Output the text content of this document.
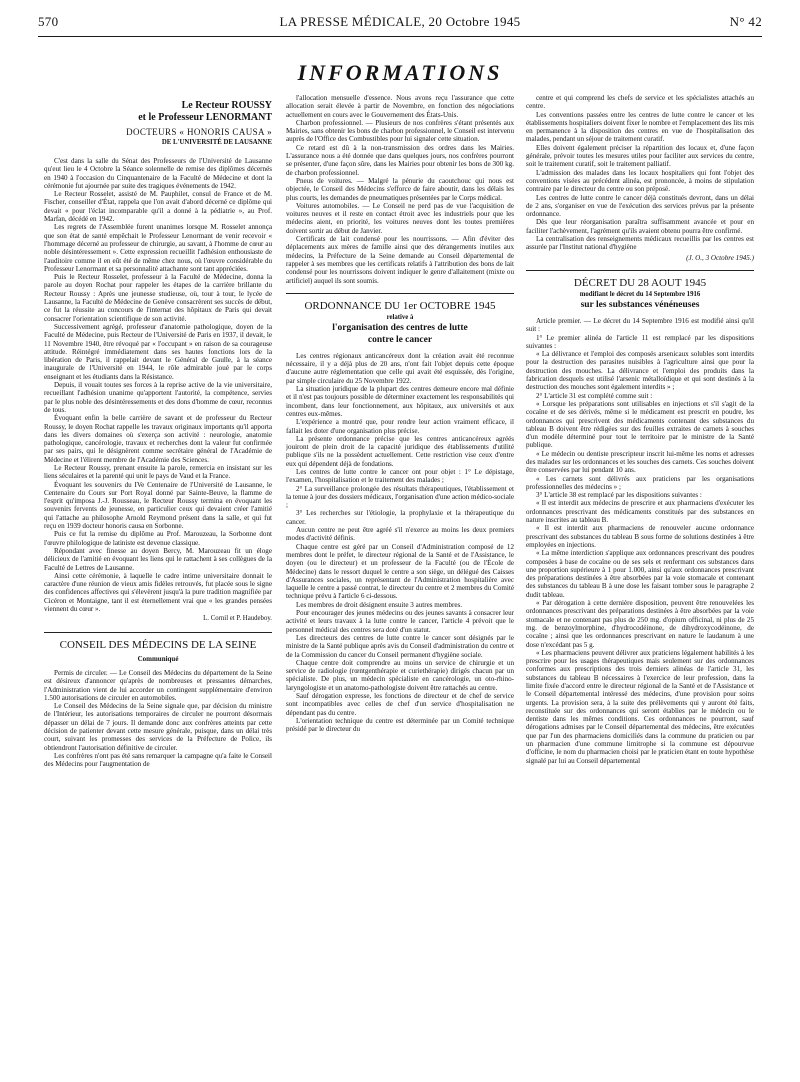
570	LA PRESSE MÉDICALE, 20 Octobre 1945	N° 42
INFORMATIONS
Le Recteur ROUSSY
et le Professeur LENORMANT
DOCTEURS « HONORIS CAUSA »
DE L'UNIVERSITÉ DE LAUSANNE

C'est dans la salle du Sénat des Professeurs de l'Université de Lausanne qu'eut lieu le 4 Octobre la Séance solennelle de remise des diplômes décernés en 1940 à l'occasion du Cinquantenaire de la Faculté de Médecine et dont la cérémonie fut ajournée par suite des tragiques événements de 1942.

Le Recteur Rosselet, assisté de M. Pauphilet, consul de France et de M. Fischer, conseiller d'État, rappela que l'on avait d'abord décerné ce diplôme qui devait « pour l'éclat incomparable qu'il a donné à la pédiatrie », au Prof. Marfan, décédé en 1942.

Les regrets de l'Assemblée furent unanimes lorsque M. Rosselet annonça que son état de santé empêchait le Professeur Lenormant de venir recevoir « l'hommage décerné au professeur de chirurgie, au savant, à l'homme de cœur au noble désintéressement ». Cette expression recueillit l'adhésion enthousiaste de l'auditoire comme il en eût été de même chez nous, où l'œuvre considérable du Professeur Lenormant et sa personnalité attachante sont tant appréciées.

Puis le Recteur Rosselet, professeur à la Faculté de Médecine, donna la parole au doyen Rochat pour rappeler les étapes de la carrière brillante du Recteur Roussy : Après une jeunesse studieuse, où, tour à tour, le lycée de Lausanne, la Faculté de Médecine de Genève consacrèrent ses succès de début, ce fut la réussite au concours de l'internat des hôpitaux de Paris qui devait consacrer l'orientation scientifique de son activité.

Successivement agrégé, professeur d'anatomie pathologique, doyen de la Faculté de Médecine, puis Recteur de l'Université de Paris en 1937, il devait, le 11 Novembre 1940, être révoqué par « l'occupant » en raison de sa courageuse attitude. Réintégré immédiatement dans ses hautes fonctions lors de la libération de Paris, il rappelait devant le Général de Gaulle, à la séance inaugurale de l'Université en 1944, le rôle admirable joué par le corps enseignant et les étudiants dans la Résistance.

Depuis, il vouait toutes ses forces à la reprise active de la vie universitaire, recueillant l'adhésion unanime qu'apportent l'autorité, la compétence, servies par le plus noble des désintéressements et des dons d'homme de cœur, reconnus de tous.

Évoquant enfin la belle carrière de savant et de professeur du Recteur Roussy, le doyen Rochat rappelle les travaux originaux importants qu'il apporta dans les divers domaines où s'exerça son activité : neurologie, anatomie pathologique, cancérologie, travaux et recherches dont la valeur fut confirmée par ses pairs, qui le désignèrent comme secrétaire général de l'Académie de Médecine et l'élirent membre de l'Académie des Sciences.

Le Recteur Roussy, prenant ensuite la parole, remercia en insistant sur les liens séculaires et la parenté qui unit le pays de Vaud et la France.

Évoquant les souvenirs du IVe Centenaire de l'Université de Lausanne, le Centenaire du Cours sur Port Royal donné par Sainte-Beuve, la flamme de l'esprit qu'imposa J.-J. Rousseau, le Recteur Roussy termina en évoquant les souvenirs fervents de jeunesse, en particulier ceux qui devaient créer l'amitié qui l'attache au philosophe Arnold Reymond présent dans la salle, et qui fut reçu en 1939 docteur honoris causa en Sorbonne.

Puis ce fut la remise du diplôme au Prof. Marouzeau, la Sorbonne dont l'œuvre philologique de latiniste est devenue classique.

Répondant avec finesse au doyen Bercy, M. Marouzeau fit un éloge délicieux de l'amitié en évoquant les liens qui le rattachent à ses collègues de la Faculté de Lettres de Lausanne.

Ainsi cette cérémonie, à laquelle le cadre intime universitaire donnait le caractère d'une réunion de vieux amis fidèles retrouvés, fut placée sous le signe des confidences affectives qui s'élevèrent jusqu'à la pure tradition magnifiée par Cicéron et Montaigne, tant il est éternellement vrai que « les grandes pensées viennent du cœur ».

L. Cornil et P. Haudeboy.
CONSEIL DES MÉDECINS DE LA SEINE
Communiqué

Permis de circuler. — Le Conseil des Médecins du département de la Seine est désireux d'annoncer qu'après de nombreuses et pressantes démarches, l'Administration vient de lui accorder un contingent supplémentaire d'environ 1.500 autorisations de circuler en automobiles.

Le Conseil des Médecins de la Seine signale que, par décision du ministre de l'Intérieur, les autorisations temporaires de circuler ne pourront désormais dépasser un délai de 7 jours. Il demande donc aux confrères atteints par cette décision de patienter devant cette mesure générale, puisque, dans un délai très court, suivant les promesses des services de la Préfecture de Police, ils obtiendront l'autorisation définitive de circuler.

Les confrères n'ont pas été sans remarquer la campagne qu'a faite le Conseil des Médecins pour l'augmentation de

l'allocation mensuelle d'essence. Nous avons reçu l'assurance que cette allocation serait élevée à partir de Novembre, en fonction des négociations actuellement en cours avec le Gouvernement des États-Unis.

Charbon professionnel. — Plusieurs de nos confrères s'étant présentés aux Mairies, sans obtenir les bons de charbon professionnel, le Conseil est intervenu auprès de l'Office des Combustibles pour lui signaler cette situation.

Ce retard est dû à la non-transmission des ordres dans les Mairies. L'assurance nous a été donnée que dans quelques jours, nos confrères pourront se présenter, d'une façon sûre, dans les Mairies pour obtenir les bons de 300 kg. de charbon professionnel.

Pneus de voitures. — Malgré la pénurie du caoutchouc qui nous est objectée, le Conseil des Médecins s'efforce de faire aboutir, dans les délais les plus courts, les demandes de pneumatiques présentées par le Corps médical.

Voitures automobiles. — Le Conseil ne perd pas de vue l'acquisition de voitures neuves et il reste en contact étroit avec les industriels pour que les médecins aient, en priorité, les voitures neuves dont les toutes premières doivent sortir au début de Janvier.

Certificats de lait condensé pour les nourrissons. — Afin d'éviter des déplacements aux mères de famille ainsi que des dérangements inutiles aux médecins, la Préfecture de la Seine demande au Conseil départemental de rappeler à ses membres que les certificats relatifs à l'attribution des bons de lait condensé pour les nourrissons doivent indiquer le genre d'allaitement (mixte ou artificiel) auquel ils sont soumis.

ORDONNANCE DU 1er OCTOBRE 1945
relative à
l'organisation des centres de lutte
contre le cancer

Les centres régionaux anticancéreux dont la création avait été reconnue nécessaire, il y a déjà plus de 20 ans, n'ont fait l'objet depuis cette époque d'aucune autre réglementation que celle qui avait été esquissée, dès l'origine, par simple circulaire du 25 Novembre 1922.

La situation juridique de la plupart des centres demeure encore mal définie et il n'est pas toujours possible de déterminer exactement les responsabilités qui incombent, dans leur fonctionnement, aux hôpitaux, aux universités et aux centres eux-mêmes.

L'expérience a montré que, pour rendre leur action vraiment efficace, il fallait les doter d'une organisation plus précise.

La présente ordonnance précise que les centres anticancéreux agréés jouiront de plein droit de la capacité juridique des établissements d'utilité publique s'ils ne la possèdent actuellement. Cette restriction vise ceux d'entre eux qui dépendent déjà de fondations.

Les centres de lutte contre le cancer ont pour objet : 1° Le dépistage, l'examen, l'hospitalisation et le traitement des malades ;

2° La surveillance prolongée des résultats thérapeutiques, l'établissement et la tenue à jour des dossiers médicaux, l'organisation d'une action médico-sociale ;

3° Les recherches sur l'étiologie, la prophylaxie et la thérapeutique du cancer.

Aucun centre ne peut être agréé s'il n'exerce au moins les deux premiers modes d'activité définis.

Chaque centre est géré par un Conseil d'Administration composé de 12 membres dont le préfet, le directeur régional de la Santé et de l'Assistance, le doyen (ou le directeur) et un professeur de la Faculté (ou de l'École de Médecine) dans le ressort duquel le centre a son siège, un délégué des Caisses d'Assurances sociales, un représentant de l'Administration hospitalière avec laquelle le centre a passé contrat, le directeur du centre et 2 membres du Comité technique prévu à l'article 6 ci-dessous.

Les membres de droit désignent ensuite 3 autres membres.

Pour encourager des jeunes médecins ou des jeunes savants à consacrer leur activité et leurs travaux à la lutte contre le cancer, l'article 4 prévoit que le personnel médical des centres sera doté d'un statut.

Les directeurs des centres de lutte contre le cancer sont désignés par le ministre de la Santé publique après avis du Conseil d'administration du centre et de la Commission du cancer du Conseil permanent d'hygiène sociale.

Chaque centre doit comprendre au moins un service de chirurgie et un service de radiologie (rœntgenthérapie et curiethérapie) dirigés chacun par un spécialiste. De plus, un médecin spécialiste en cancérologie, un oto-rhino-laryngologiste et un anatomo-pathologiste doivent être rattachés au centre.

Sauf dérogation expresse, les fonctions de directeur et de chef de service sont incompatibles avec celles de chef d'un service d'hospitalisation ne dépendant pas du centre.

L'orientation technique du centre est déterminée par un Comité technique présidé par le directeur du

centre et qui comprend les chefs de service et les spécialistes attachés au centre.

Les conventions passées entre les centres de lutte contre le cancer et les établissements hospitaliers doivent fixer le nombre et l'emplacement des lits mis en permanence à la disposition des centres en vue de l'hospitalisation des malades, pendant un séjour de traitement curatif.

Elles doivent également préciser la répartition des locaux et, d'une façon générale, prévoir toutes les mesures utiles pour faciliter aux services du centre, soit le traitement curatif, soit le traitement palliatif.

L'admission des malades dans les locaux hospitaliers qui font l'objet des conventions visées au précédent alinéa, est prononcée, à moins de stipulation contraire par le directeur du centre ou son préposé.

Les centres de lutte contre le cancer déjà constitués devront, dans un délai de 2 ans, s'organiser en vue de l'exécution des services prévus par la présente ordonnance.

Dès que leur réorganisation paraîtra suffisamment avancée et pour en faciliter l'achèvement, l'agrément qu'ils avaient obtenu pourra être confirmé.

La centralisation des renseignements médicaux recueillis par les centres est assurée par l'Institut national d'hygiène

(J. O., 3 Octobre 1945.)
DÉCRET DU 28 AOUT 1945
modifiant le décret du 14 Septembre 1916
sur les substances vénéneuses

Article premier. — Le décret du 14 Septembre 1916 est modifié ainsi qu'il suit :

1° Le premier alinéa de l'article 11 est remplacé par les dispositions suivantes :

« La délivrance et l'emploi des composés arsenicaux solubles sont interdits pour la destruction des parasites nuisibles à l'agriculture ainsi que pour la destruction des mouches. La délivrance et l'emploi des produits dans la fabrication desquels est utilisé l'arsenic métalloïdique et qui sont destinés à la destruction des mouches sont également interdits » ;

2° L'article 31 est complété comme suit :

« Lorsque les préparations sont utilisables en injections et s'il s'agit de la cocaïne et de ses dérivés, même si le médicament est prescrit en poudre, les ordonnances qui prescrivent des médicaments contenant des substances du tableau B doivent être rédigées sur des feuilles extraites de carnets à souches d'un modèle déterminé pour tout le territoire par le ministre de la Santé publique.

« Le médecin ou dentiste prescripteur inscrit lui-même les noms et adresses des malades sur les ordonnances et les souches des carnets. Ces souches doivent être conservées par lui pendant 10 ans.

« Les carnets sont délivrés aux praticiens par les organisations professionnelles des médecins » ;

3° L'article 38 est remplacé par les dispositions suivantes :

« Il est interdit aux médecins de prescrire et aux pharmaciens d'exécuter les ordonnances prescrivant des médicaments constitués par des substances en nature inscrites au tableau B.

« Il est interdit aux pharmaciens de renouveler aucune ordonnance prescrivant des substances du tableau B sous forme de solutions destinées à être employées en injections.

« La même interdiction s'applique aux ordonnances prescrivant des poudres composées à base de cocaïne ou de ses sels et renfermant ces substances dans une proportion supérieure à 1 pour 1.000, ainsi qu'aux ordonnances prescrivant des préparations destinées à être absorbées par la voie stomacale et contenant des substances du tableau B à une dose les faisant tomber sous le paragraphe 2 dudit tableau.

« Par dérogation à cette dernière disposition, peuvent être renouvelées les ordonnances prescrivant des préparations destinées à être absorbées par la voie stomacale et ne contenant pas plus de 250 mg. d'opium officinal, ni plus de 25 mg. de benzoylmorphine, d'hydrocodéinone, de dihydroxycodéinone, de cocaïne ; ainsi que les ordonnances prescrivant en nature le laudanum à une dose n'excédant pas 5 g.

« Les pharmaciens peuvent délivrer aux praticiens légalement habilités à les prescrire pour les usages thérapeutiques mais seulement sur des ordonnances conformes aux prescriptions des trois derniers alinéas de l'article 31, les substances du tableau B nécessaires à l'exercice de leur profession, dans la limite fixée d'accord entre le directeur régional de la Santé et de l'Assistance et le Conseil départemental intéressé des médecins, d'une provision pour soins urgents. La provision sera, à la suite des prélèvements qui y auront été faits, reconstituée sur des ordonnances qui seront établies par le médecin ou le dentiste dans les mêmes conditions. Ces ordonnances ne pourront, sauf dérogations admises par le Conseil départemental des médecins, être exécutées que par l'un des pharmaciens domiciliés dans la commune du praticien ou par un pharmacien d'une commune limitrophe si la commune est dépourvue d'officine, le nom du pharmacien choisi par le praticien étant en toute hypothèse signalé par lui au Conseil départemental
